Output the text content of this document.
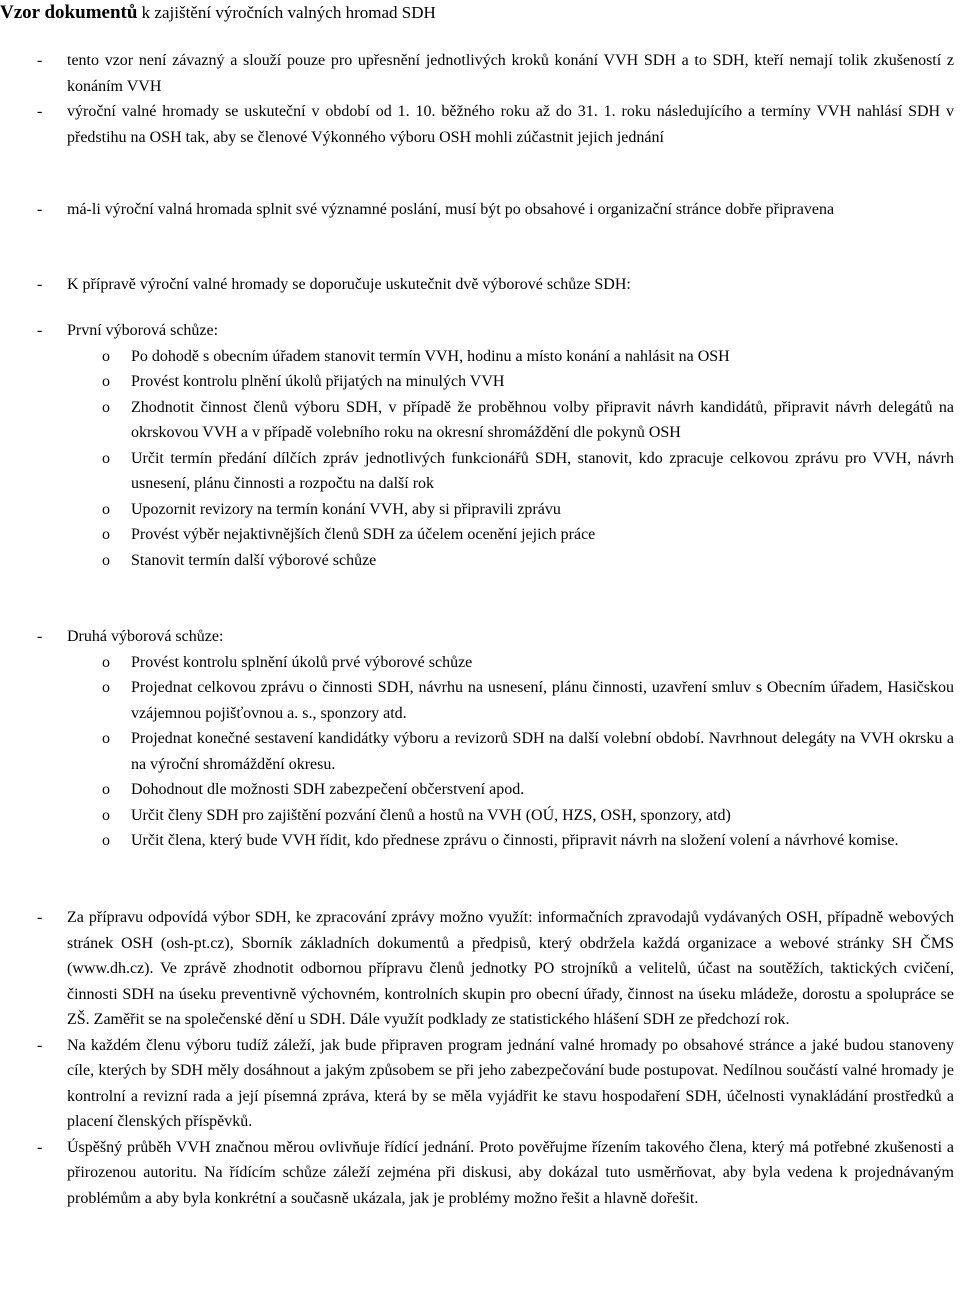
Vzor dokumentů k zajištění výročních valných hromad SDH
- tento vzor není závazný a slouží pouze pro upřesnění jednotlivých kroků konání VVH SDH a to SDH, kteří nemají tolik zkušeností z konáním VVH
- výroční valné hromady se uskuteční v období od 1. 10. běžného roku až do 31. 1. roku následujícího a termíny VVH nahlásí SDH v předstihu na OSH tak, aby se členové Výkonného výboru OSH mohli zúčastnit jejich jednání
- má-li výroční valná hromada splnit své významné poslání, musí být po obsahové i organizační stránce dobře připravena
- K přípravě výroční valné hromady se doporučuje uskutečnit dvě výborové schůze SDH:
- První výborová schůze:
o Po dohodě s obecním úřadem stanovit termín VVH, hodinu a místo konání a nahlásit na OSH
o Provést kontrolu plnění úkolů přijatých na minulých VVH
o Zhodnotit činnost členů výboru SDH, v případě že proběhnou volby připravit návrh kandidátů, připravit návrh delegátů na okrskovou VVH a v případě volebního roku na okresní shromáždění dle pokynů OSH
o Určit termín předání dílčích zpráv jednotlivých funkcionářů SDH, stanovit, kdo zpracuje celkovou zprávu pro VVH, návrh usnesení, plánu činnosti a rozpočtu na další rok
o Upozornit revizory na termín konání VVH, aby si připravili zprávu
o Provést výběr nejaktivnějších členů SDH za účelem ocenění jejich práce
o Stanovit termín další výborové schůze
- Druhá výborová schůze:
o Provést kontrolu splnění úkolů prvé výborové schůze
o Projednat celkovou zprávu o činnosti SDH, návrhu na usnesení, plánu činnosti, uzavření smluv s Obecním úřadem, Hasičskou vzájemnou pojišťovnou a. s., sponzory atd.
o Projednat konečné sestavení kandidátky výboru a revizorů SDH na další volební období. Navrhnout delegáty na VVH okrsku a na výroční shromáždění okresu.
o Dohodnout dle možnosti SDH zabezpečení občerstvení apod.
o Určit členy SDH pro zajištění pozvání členů a hostů na VVH (OÚ, HZS, OSH, sponzory, atd)
o Určit člena, který bude VVH řídit, kdo přednese zprávu o činnosti, připravit návrh na složení volení a návrhové komise.
- Za přípravu odpovídá výbor SDH, ke zpracování zprávy možno využít: informačních zpravodajů vydávaných OSH, případně webových stránek OSH (osh-pt.cz), Sborník základních dokumentů a předpisů, který obdržela každá organizace a webové stránky SH ČMS (www.dh.cz). Ve zprávě zhodnotit odbornou přípravu členů jednotky PO strojníků a velitelů, účast na soutěžích, taktických cvičení, činnosti SDH na úseku preventivně výchovném, kontrolních skupin pro obecní úřady, činnost na úseku mládeže, dorostu a spolupráce se ZŠ. Zaměřit se na společenské dění u SDH. Dále využít podklady ze statistického hlášení SDH ze předchozí rok.
- Na každém členu výboru tudíž záleží, jak bude připraven program jednání valné hromady po obsahové stránce a jaké budou stanoveny cíle, kterých by SDH měly dosáhnout a jakým způsobem se při jeho zabezpečování bude postupovat. Nedílnou součástí valné hromady je kontrolní a revizní rada a její písemná zpráva, která by se měla vyjádřit ke stavu hospodaření SDH, účelnosti vynakládání prostředků a placení členských příspěvků.
- Úspěšný průběh VVH značnou měrou ovlivňuje řídící jednání. Proto pověřujme řízením takového člena, který má potřebné zkušenosti a přirozenou autoritu. Na řídícím schůze záleží zejména při diskusi, aby dokázal tuto usměrňovat, aby byla vedena k projednávaným problémům a aby byla konkrétní a současně ukázala, jak je problémy možno řešit a hlavně dořešit.
